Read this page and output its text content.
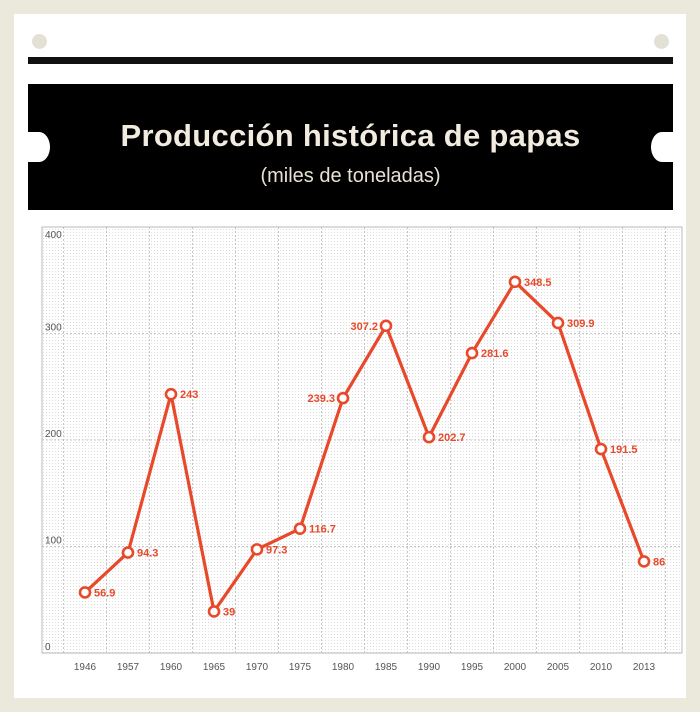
Producción histórica de papas
(miles de toneladas)
0
100
200
300
400
1946 1957 1960 1965 1970 1975 1980 1985 1990 1995 2000 2005 2010 2013
56.9
94.3
243
39
97.3
116.7
239.3
307.2
202.7
281.6
348.5
309.9
191.5
86
